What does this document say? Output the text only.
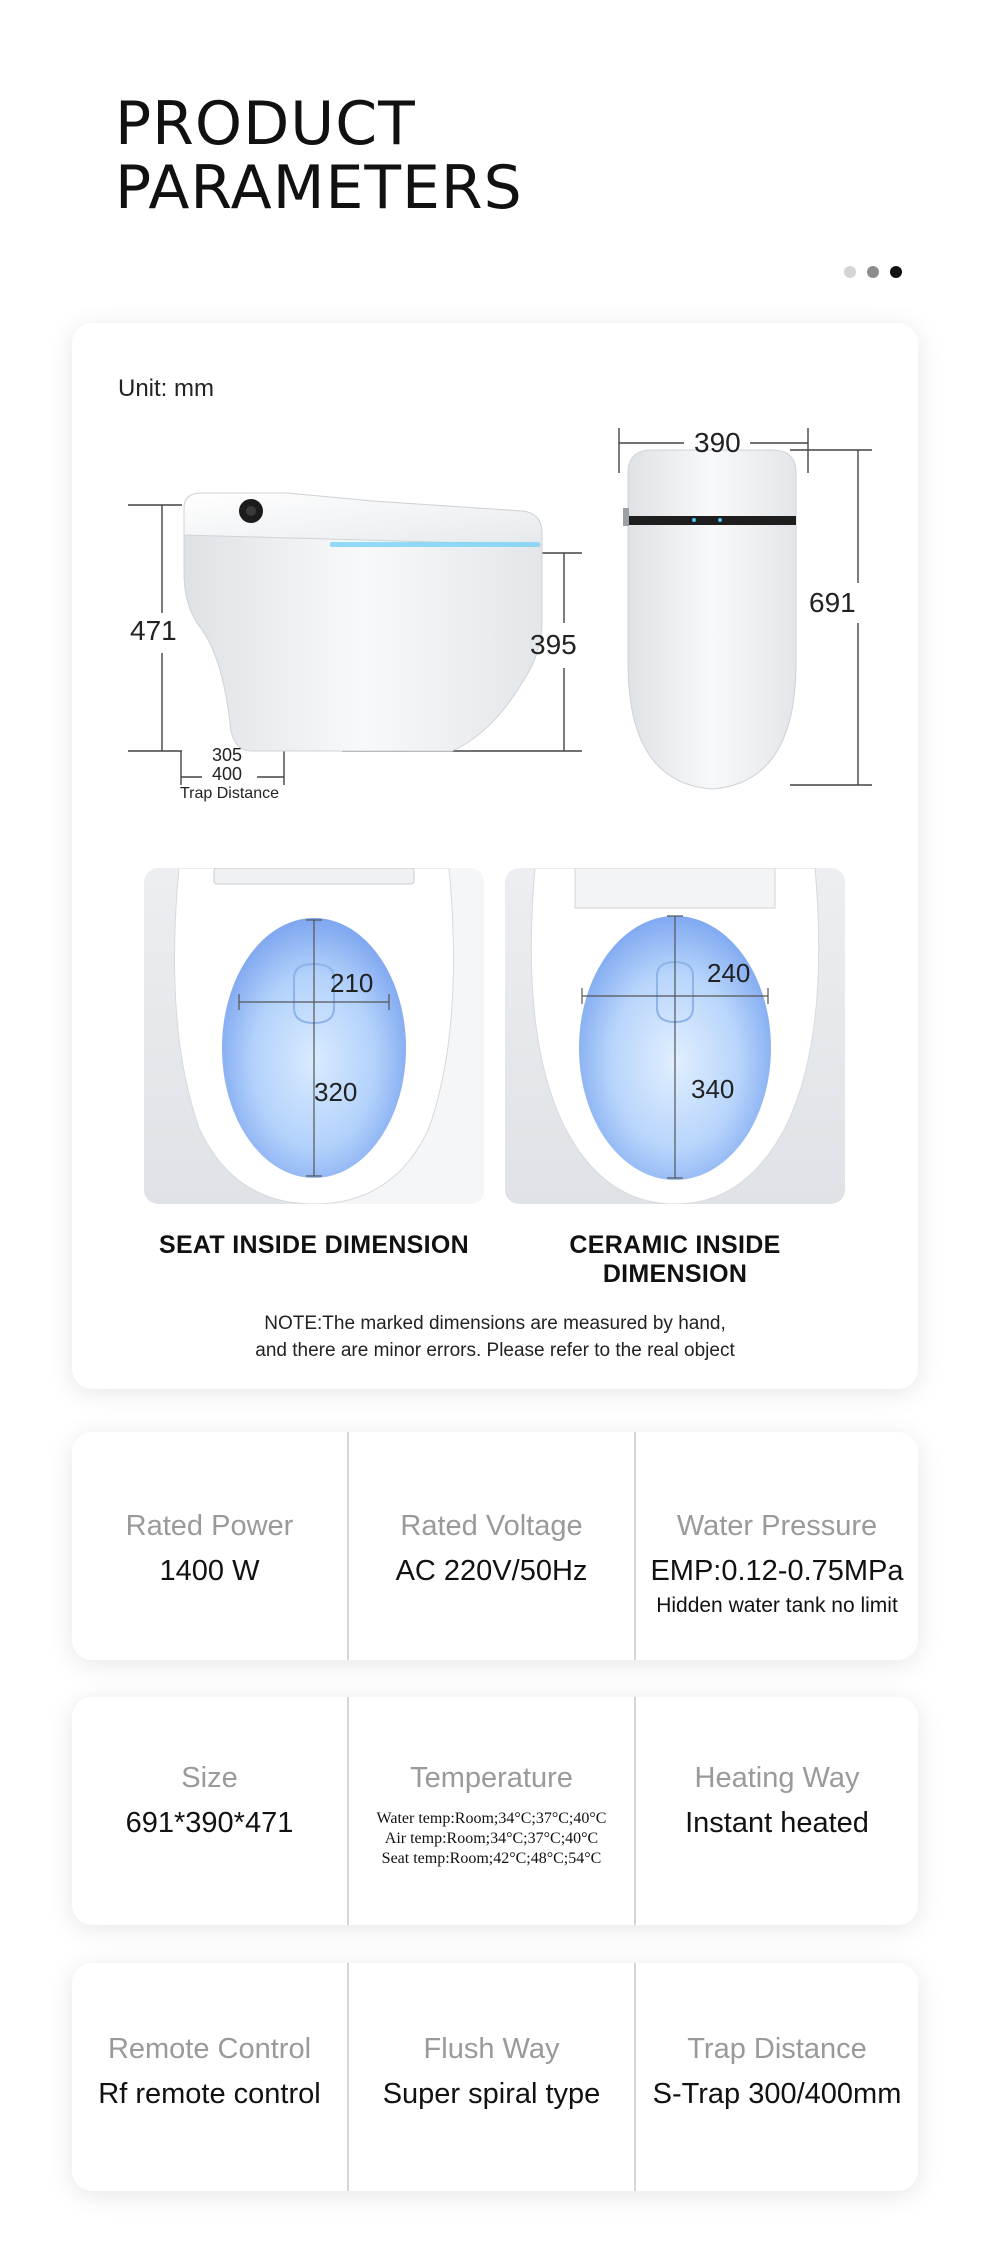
PRODUCT
PARAMETERS
Unit: mm
471	395
305
400
Trap Distance
390
691
210
320
240
340
SEAT INSIDE DIMENSION	CERAMIC INSIDE DIMENSION
NOTE:The marked dimensions are measured by hand,
and there are minor errors. Please refer to the real object
Rated Power
1400 W
Rated Voltage
AC 220V/50Hz
Water Pressure
EMP:0.12-0.75MPa
Hidden water tank no limit
Size
691*390*471
Temperature
Water temp:Room;34°C;37°C;40°C
Air temp:Room;34°C;37°C;40°C
Seat temp:Room;42°C;48°C;54°C
Heating Way
Instant heated
Remote Control
Rf remote control
Flush Way
Super spiral type
Trap Distance
S-Trap 300/400mm
